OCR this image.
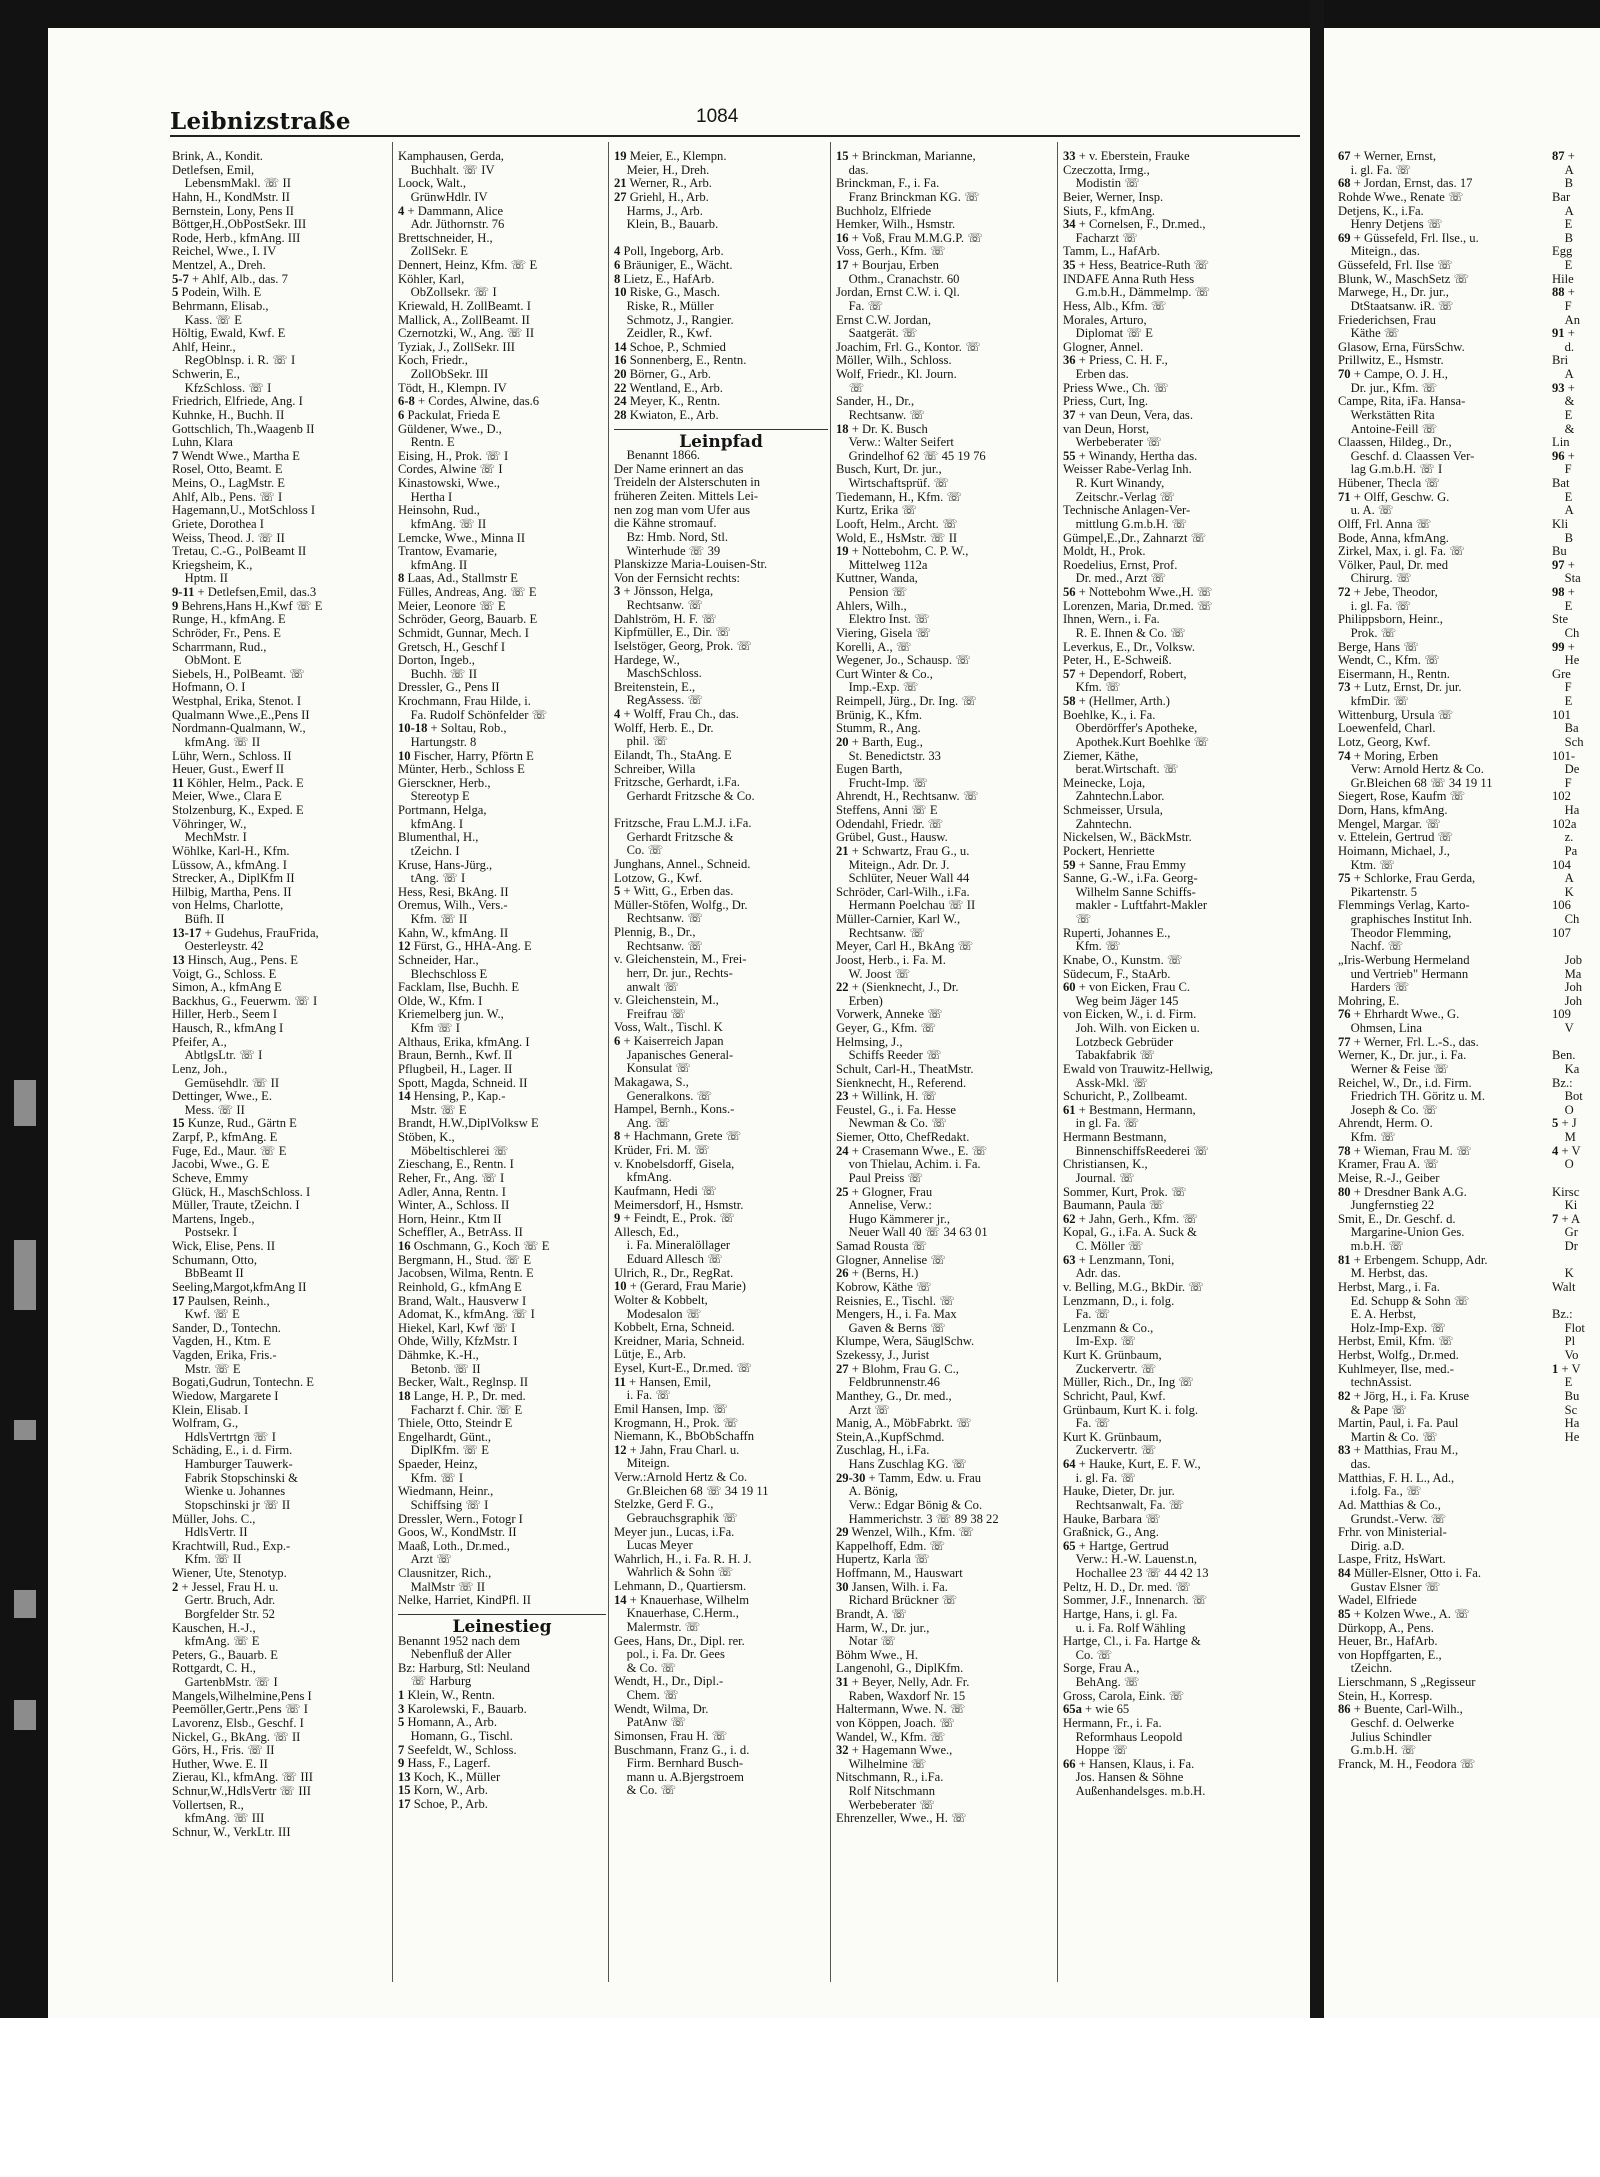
Leibnizstraße	1084
Brink, A., Kondit.
Detlefsen, Emil,
 LebensmMakl. ☏ II
Hahn, H., KondMstr. II
Bernstein, Lony, Pens II
Böttger,H.,ObPostSekr. III
Rode, Herb., kfmAng. III
Reichel, Wwe., I. IV
Mentzel, A., Dreh.
5-7 + Ahlf, Alb., das. 7
5 Podein, Wilh. E
Behrmann, Elisab.,
 Kass. ☏ E
Höltig, Ewald, Kwf. E
Ahlf, Heinr.,
 RegOblnsp. i. R. ☏ I
Schwerin, E.,
 KfzSchloss. ☏ I
Friedrich, Elfriede, Ang. I
Kuhnke, H., Buchh. II
Gottschlich, Th.,Waagenb II
Luhn, Klara
7 Wendt Wwe., Martha E
Rosel, Otto, Beamt. E
Meins, O., LagMstr. E
Ahlf, Alb., Pens. ☏ I
Hagemann,U., MotSchloss I
Griete, Dorothea I
Weiss, Theod. J. ☏ II
Tretau, C.-G., PolBeamt II
Kriegsheim, K.,
 Hptm. II
9-11 + Detlefsen,Emil, das.3
9 Behrens,Hans H.,Kwf ☏ E
Runge, H., kfmAng. E
Schröder, Fr., Pens. E
Scharrmann, Rud.,
 ObMont. E
Siebels, H., PolBeamt. ☏
Hofmann, O. I
Westphal, Erika, Stenot. I
Qualmann Wwe.,E.,Pens II
Nordmann-Qualmann, W.,
 kfmAng. ☏ II
Lühr, Wern., Schloss. II
Heuer, Gust., Ewerf II
11 Köhler, Helm., Pack. E
Meier, Wwe., Clara E
Stolzenburg, K., Exped. E
Vöhringer, W.,
 MechMstr. I
Wöhlke, Karl-H., Kfm.
Lüssow, A., kfmAng. I
Strecker, A., DiplKfm II
Hilbig, Martha, Pens. II
von Helms, Charlotte,
 Büfh. II
13-17 + Gudehus, FrauFrida,
 Oesterleystr. 42
13 Hinsch, Aug., Pens. E
Voigt, G., Schloss. E
Simon, A., kfmAng E
Backhus, G., Feuerwm. ☏ I
Hiller, Herb., Seem I
Hausch, R., kfmAng I
Pfeifer, A.,
 AbtlgsLtr. ☏ I
Lenz, Joh.,
 Gemüsehdlr. ☏ II
Dettinger, Wwe., E.
 Mess. ☏ II
15 Kunze, Rud., Gärtn E
Zarpf, P., kfmAng. E
Fuge, Ed., Maur. ☏ E
Jacobi, Wwe., G. E
Scheve, Emmy
Glück, H., MaschSchloss. I
Müller, Traute, tZeichn. I
Martens, Ingeb.,
 Postsekr. I
Wick, Elise, Pens. II
Schumann, Otto,
 BbBeamt II
Seeling,Margot,kfmAng II
17 Paulsen, Reinh.,
 Kwf. ☏ E
Sander, D., Tontechn.
Vagden, H., Ktm. E
Vagden, Erika, Fris.-
 Mstr. ☏ E
Bogati,Gudrun, Tontechn. E
Wiedow, Margarete I
Klein, Elisab. I
Wolfram, G.,
 HdlsVertrtgn ☏ I
Schäding, E., i. d. Firm.
 Hamburger Tauwerk-
 Fabrik Stopschinski &
 Wienke u. Johannes
 Stopschinski jr ☏ II
Müller, Johs. C.,
 HdlsVertr. II
Krachtwill, Rud., Exp.-
 Kfm. ☏ II
Wiener, Ute, Stenotyp.
2 + Jessel, Frau H. u.
 Gertr. Bruch, Adr.
 Borgfelder Str. 52
Kauschen, H.-J.,
 kfmAng. ☏ E
Peters, G., Bauarb. E
Rottgardt, C. H.,
 GartenbMstr. ☏ I
Mangels,Wilhelmine,Pens I
Peemöller,Gertr.,Pens ☏ I
Lavorenz, Elsb., Geschf. I
Nickel, G., BkAng. ☏ II
Görs, H., Fris. ☏ II
Huther, Wwe. E. II
Zierau, Kl., kfmAng. ☏ III
Schnur,W.,HdlsVertr ☏ III
Vollertsen, R.,
 kfmAng. ☏ III
Schnur, W., VerkLtr. III
Kamphausen, Gerda,
 Buchhalt. ☏ IV
Loock, Walt.,
 GrünwHdlr. IV
4 + Dammann, Alice
 Adr. Jüthornstr. 76
Brettschneider, H.,
 ZollSekr. E
Dennert, Heinz, Kfm. ☏ E
Köhler, Karl,
 ObZollsekr. ☏ I
Kriewald, H. ZollBeamt. I
Mallick, A., ZollBeamt. II
Czernotzki, W., Ang. ☏ II
Tyziak, J., ZollSekr. III
Koch, Friedr.,
 ZollObSekr. III
Tödt, H., Klempn. IV
6-8 + Cordes, Alwine, das.6
6 Packulat, Frieda E
Güldener, Wwe., D.,
 Rentn. E
Eising, H., Prok. ☏ I
Cordes, Alwine ☏ I
Kinastowski, Wwe.,
 Hertha I
Heinsohn, Rud.,
 kfmAng. ☏ II
Lemcke, Wwe., Minna II
Trantow, Evamarie,
 kfmAng. II
8 Laas, Ad., Stallmstr E
Fülles, Andreas, Ang. ☏ E
Meier, Leonore ☏ E
Schröder, Georg, Bauarb. E
Schmidt, Gunnar, Mech. I
Gretsch, H., Geschf I
Dorton, Ingeb.,
 Buchh. ☏ II
Dressler, G., Pens II
Krochmann, Frau Hilde, i.
 Fa. Rudolf Schönfelder ☏
10-18 + Soltau, Rob.,
 Hartungstr. 8
10 Fischer, Harry, Pförtn E
Münter, Herb., Schloss E
Giersckner, Herb.,
 Stereotyp E
Portmann, Helga,
 kfmAng. I
Blumenthal, H.,
 tZeichn. I
Kruse, Hans-Jürg.,
 tAng. ☏ I
Hess, Resi, BkAng. II
Oremus, Wilh., Vers.-
 Kfm. ☏ II
Kahn, W., kfmAng. II
12 Fürst, G., HHA-Ang. E
Schneider, Har.,
 Blechschloss E
Facklam, Ilse, Buchh. E
Olde, W., Kfm. I
Kriemelberg jun. W.,
 Kfm ☏ I
Althaus, Erika, kfmAng. I
Braun, Bernh., Kwf. II
Pflugbeil, H., Lager. II
Spott, Magda, Schneid. II
14 Hensing, P., Kap.-
 Mstr. ☏ E
Brandt, H.W.,DiplVolksw E
Stöben, K.,
 Möbeltischlerei ☏
Zieschang, E., Rentn. I
Reher, Fr., Ang. ☏ I
Adler, Anna, Rentn. I
Winter, A., Schloss. II
Horn, Heinr., Ktm II
Scheffler, A., BetrAss. II
16 Oschmann, G., Koch ☏ E
Bergmann, H., Stud. ☏ E
Jacobsen, Wilma, Rentn. E
Reinhold, G., kfmAng E
Brand, Walt., Hausverw I
Adomat, K., kfmAng. ☏ I
Hiekel, Karl, Kwf ☏ I
Ohde, Willy, KfzMstr. I
Dähmke, K.-H.,
 Betonb. ☏ II
Becker, Walt., Reglnsp. II
18 Lange, H. P., Dr. med.
 Facharzt f. Chir. ☏ E
Thiele, Otto, Steindr E
Engelhardt, Günt.,
 DiplKfm. ☏ E
Spaeder, Heinz,
 Kfm. ☏ I
Wiedmann, Heinr.,
 Schiffsing ☏ I
Dressler, Wern., Fotogr I
Goos, W., KondMstr. II
Maaß, Loth., Dr.med.,
 Arzt ☏
Clausnitzer, Rich.,
 MalMstr ☏ II
Nelke, Harriet, KindPfl. II
Leinestieg
Benannt 1952 nach dem
 Nebenfluß der Aller
Bz: Harburg, Stl: Neuland
 ☏ Harburg
1 Klein, W., Rentn.
3 Karolewski, F., Bauarb.
5 Homann, A., Arb.
 Homann, G., Tischl.
7 Seefeldt, W., Schloss.
9 Hass, F., Lagerf.
13 Koch, K., Müller
15 Korn, W., Arb.
17 Schoe, P., Arb.
19 Meier, E., Klempn.
 Meier, H., Dreh.
21 Werner, R., Arb.
27 Griehl, H., Arb.
 Harms, J., Arb.
 Klein, B., Bauarb.

4 Poll, Ingeborg, Arb.
6 Bräuniger, E., Wächt.
8 Lietz, E., HafArb.
10 Riske, G., Masch.
 Riske, R., Müller
 Schmotz, J., Rangier.
 Zeidler, R., Kwf.
14 Schoe, P., Schmied
16 Sonnenberg, E., Rentn.
20 Börner, G., Arb.
22 Wentland, E., Arb.
24 Meyer, K., Rentn.
28 Kwiaton, E., Arb.
Leinpfad
 Benannt 1866.
Der Name erinnert an das
Treideln der Alsterschuten in
früheren Zeiten. Mittels Lei-
nen zog man vom Ufer aus
die Kähne stromauf.
 Bz: Hmb. Nord, Stl.
 Winterhude ☏ 39
Planskizze Maria-Louisen-Str.
Von der Fernsicht rechts:
3 + Jönsson, Helga,
 Rechtsanw. ☏
Dahlström, H. F. ☏
Kipfmüller, E., Dir. ☏
Iselstöger, Georg, Prok. ☏
Hardege, W.,
 MaschSchloss.
Breitenstein, E.,
 RegAssess. ☏
4 + Wolff, Frau Ch., das.
Wolff, Herb. E., Dr.
 phil. ☏
Eilandt, Th., StaAng. E
Schreiber, Willa
Fritzsche, Gerhardt, i.Fa.
 Gerhardt Fritzsche & Co.

Fritzsche, Frau L.M.J. i.Fa.
 Gerhardt Fritzsche &
 Co. ☏
Junghans, Annel., Schneid.
Lotzow, G., Kwf.
5 + Witt, G., Erben das.
Müller-Stöfen, Wolfg., Dr.
 Rechtsanw. ☏
Plennig, B., Dr.,
 Rechtsanw. ☏
v. Gleichenstein, M., Frei-
 herr, Dr. jur., Rechts-
 anwalt ☏
v. Gleichenstein, M.,
 Freifrau ☏
Voss, Walt., Tischl. K
6 + Kaiserreich Japan
 Japanisches General-
 Konsulat ☏
Makagawa, S.,
 Generalkons. ☏
Hampel, Bernh., Kons.-
 Ang. ☏
8 + Hachmann, Grete ☏
Krüder, Fri. M. ☏
v. Knobelsdorff, Gisela,
 kfmAng.
Kaufmann, Hedi ☏
Meimersdorf, H., Hsmstr.
9 + Feindt, E., Prok. ☏
Allesch, Ed.,
 i. Fa. Mineralöllager
 Eduard Allesch ☏
Ulrich, R., Dr., RegRat.
10 + (Gerard, Frau Marie)
Wolter & Kobbelt,
 Modesalon ☏
Kobbelt, Erna, Schneid.
Kreidner, Maria, Schneid.
Lütje, E., Arb.
Eysel, Kurt-E., Dr.med. ☏
11 + Hansen, Emil,
 i. Fa. ☏
Emil Hansen, Imp. ☏
Krogmann, H., Prok. ☏
Niemann, K., BbObSchaffn
12 + Jahn, Frau Charl. u.
 Miteign.
Verw.:Arnold Hertz & Co.
 Gr.Bleichen 68 ☏ 34 19 11
Stelzke, Gerd F. G.,
 Gebrauchsgraphik ☏
Meyer jun., Lucas, i.Fa.
 Lucas Meyer
Wahrlich, H., i. Fa. R. H. J.
 Wahrlich & Sohn ☏
Lehmann, D., Quartiersm.
14 + Knauerhase, Wilhelm
 Knauerhase, C.Herm.,
 Malermstr. ☏
Gees, Hans, Dr., Dipl. rer.
 pol., i. Fa. Dr. Gees
 & Co. ☏
Wendt, H., Dr., Dipl.-
 Chem. ☏
Wendt, Wilma, Dr.
 PatAnw ☏
Simonsen, Frau H. ☏
Buschmann, Franz G., i. d.
 Firm. Bernhard Busch-
 mann u. A.Bjergstroem
 & Co. ☏
15 + Brinckman, Marianne,
 das.
Brinckman, F., i. Fa.
 Franz Brinckman KG. ☏
Buchholz, Elfriede
Hemker, Wilh., Hsmstr.
16 + Voß, Frau M.M.G.P. ☏
Voss, Gerh., Kfm. ☏
17 + Bourjau, Erben
 Othm., Cranachstr. 60
Jordan, Ernst C.W. i. Ql.
 Fa. ☏
Ernst C.W. Jordan,
 Saatgerät. ☏
Joachim, Frl. G., Kontor. ☏
Möller, Wilh., Schloss.
Wolf, Friedr., Kl. Journ.
 ☏
Sander, H., Dr.,
 Rechtsanw. ☏
18 + Dr. K. Busch
 Verw.: Walter Seifert
 Grindelhof 62 ☏ 45 19 76
Busch, Kurt, Dr. jur.,
 Wirtschaftsprüf. ☏
Tiedemann, H., Kfm. ☏
Kurtz, Erika ☏
Looft, Helm., Archt. ☏
Wold, E., HsMstr. ☏ II
19 + Nottebohm, C. P. W.,
 Mittelweg 112a
Kuttner, Wanda,
 Pension ☏
Ahlers, Wilh.,
 Elektro Inst. ☏
Viering, Gisela ☏
Korelli, A., ☏
Wegener, Jo., Schausp. ☏
Curt Winter & Co.,
 Imp.-Exp. ☏
Reimpell, Jürg., Dr. Ing. ☏
Brünig, K., Kfm.
Stumm, R., Ang.
20 + Barth, Eug.,
 St. Benedictstr. 33
Eugen Barth,
 Frucht-Imp. ☏
Ahrendt, H., Rechtsanw. ☏
Steffens, Anni ☏ E
Odendahl, Friedr. ☏
Grübel, Gust., Hausw.
21 + Schwartz, Frau G., u.
 Miteign., Adr. Dr. J.
 Schlüter, Neuer Wall 44
Schröder, Carl-Wilh., i.Fa.
 Hermann Poelchau ☏ II
Müller-Carnier, Karl W.,
 Rechtsanw. ☏
Meyer, Carl H., BkAng ☏
Joost, Herb., i. Fa. M.
 W. Joost ☏
22 + (Sienknecht, J., Dr.
 Erben)
Vorwerk, Anneke ☏
Geyer, G., Kfm. ☏
Helmsing, J.,
 Schiffs Reeder ☏
Schult, Carl-H., TheatMstr.
Sienknecht, H., Referend.
23 + Willink, H. ☏
Feustel, G., i. Fa. Hesse
 Newman & Co. ☏
Siemer, Otto, ChefRedakt.
24 + Crasemann Wwe., E. ☏
 von Thielau, Achim. i. Fa.
 Paul Preiss ☏
25 + Glogner, Frau
 Annelise, Verw.:
 Hugo Kämmerer jr.,
 Neuer Wall 40 ☏ 34 63 01
Samad Rousta ☏
Glogner, Annelise ☏
26 + (Berns, H.)
Kobrow, Käthe ☏
Reisnies, E., Tischl. ☏
Mengers, H., i. Fa. Max
 Gaven & Berns ☏
Klumpe, Wera, SäuglSchw.
Szekessy, J., Jurist
27 + Blohm, Frau G. C.,
 Feldbrunnenstr.46
Manthey, G., Dr. med.,
 Arzt ☏
Manig, A., MöbFabrkt. ☏
Stein,A.,KupfSchmd.
Zuschlag, H., i.Fa.
 Hans Zuschlag KG. ☏
29-30 + Tamm, Edw. u. Frau
 A. Bönig,
 Verw.: Edgar Bönig & Co.
 Hammerichstr. 3 ☏ 89 38 22
29 Wenzel, Wilh., Kfm. ☏
Kappelhoff, Edm. ☏
Hupertz, Karla ☏
Hoffmann, M., Hauswart
30 Jansen, Wilh. i. Fa.
 Richard Brückner ☏
Brandt, A. ☏
Harm, W., Dr. jur.,
 Notar ☏
Böhm Wwe., H.
Langenohl, G., DiplKfm.
31 + Beyer, Nelly, Adr. Fr.
 Raben, Waxdorf Nr. 15
Haltermann, Wwe. N. ☏
von Köppen, Joach. ☏
Wandel, W., Kfm. ☏
32 + Hagemann Wwe.,
 Wilhelmine ☏
Nitschmann, R., i.Fa.
 Rolf Nitschmann
 Werbeberater ☏
Ehrenzeller, Wwe., H. ☏
33 + v. Eberstein, Frauke
Czeczotta, Irmg.,
 Modistin ☏
Beier, Werner, Insp.
Siuts, F., kfmAng.
34 + Cornelsen, F., Dr.med.,
 Facharzt ☏
Tamm, L., HafArb.
35 + Hess, Beatrice-Ruth ☏
INDAFE Anna Ruth Hess
 G.m.b.H., Dämmelmp. ☏
Hess, Alb., Kfm. ☏
Morales, Arturo,
 Diplomat ☏ E
Glogner, Annel.
36 + Priess, C. H. F.,
 Erben das.
Priess Wwe., Ch. ☏
Priess, Curt, Ing.
37 + van Deun, Vera, das.
van Deun, Horst,
 Werbeberater ☏
55 + Winandy, Hertha das.
Weisser Rabe-Verlag Inh.
 R. Kurt Winandy,
 Zeitschr.-Verlag ☏
Technische Anlagen-Ver-
 mittlung G.m.b.H. ☏
Gümpel,E.,Dr., Zahnarzt ☏
Moldt, H., Prok.
Roedelius, Ernst, Prof.
 Dr. med., Arzt ☏
56 + Nottebohm Wwe.,H. ☏
Lorenzen, Maria, Dr.med. ☏
Ihnen, Wern., i. Fa.
 R. E. Ihnen & Co. ☏
Leverkus, E., Dr., Volksw.
Peter, H., E-Schweiß.
57 + Dependorf, Robert,
 Kfm. ☏
58 + (Hellmer, Arth.)
Boehlke, K., i. Fa.
 Oberdörffer's Apotheke,
 Apothek.Kurt Boehlke ☏
Ziemer, Käthe,
 berat.Wirtschaft. ☏
Meinecke, Loja,
 Zahntechn.Labor.
Schmeisser, Ursula,
 Zahntechn.
Nickelsen, W., BäckMstr.
Pockert, Henriette
59 + Sanne, Frau Emmy
Sanne, G.-W., i.Fa. Georg-
 Wilhelm Sanne Schiffs-
 makler - Luftfahrt-Makler
 ☏
Ruperti, Johannes E.,
 Kfm. ☏
Knabe, O., Kunstm. ☏
Südecum, F., StaArb.
60 + von Eicken, Frau C.
 Weg beim Jäger 145
von Eicken, W., i. d. Firm.
 Joh. Wilh. von Eicken u.
 Lotzbeck Gebrüder
 Tabakfabrik ☏
Ewald von Trauwitz-Hellwig,
 Assk-Mkl. ☏
Schuricht, P., Zollbeamt.
61 + Bestmann, Hermann,
 in gl. Fa. ☏
Hermann Bestmann,
 BinnenschiffsReederei ☏
Christiansen, K.,
 Journal. ☏
Sommer, Kurt, Prok. ☏
Baumann, Paula ☏
62 + Jahn, Gerh., Kfm. ☏
Kopal, G., i.Fa. A. Suck &
 C. Möller ☏
63 + Lenzmann, Toni,
 Adr. das.
v. Belling, M.G., BkDir. ☏
Lenzmann, D., i. folg.
 Fa. ☏
Lenzmann & Co.,
 Im-Exp. ☏
Kurt K. Grünbaum,
 Zuckervertr. ☏
Müller, Rich., Dr., Ing ☏
Schricht, Paul, Kwf.
Grünbaum, Kurt K. i. folg.
 Fa. ☏
Kurt K. Grünbaum,
 Zuckervertr. ☏
64 + Hauke, Kurt, E. F. W.,
 i. gl. Fa. ☏
Hauke, Dieter, Dr. jur.
 Rechtsanwalt, Fa. ☏
Hauke, Barbara ☏
Graßnick, G., Ang.
65 + Hartge, Gertrud
 Verw.: H.-W. Lauenst.n,
 Hochallee 23 ☏ 44 42 13
Peltz, H. D., Dr. med. ☏
Sommer, J.F., Innenarch. ☏
Hartge, Hans, i. gl. Fa.
 u. i. Fa. Rolf Wähling
Hartge, Cl., i. Fa. Hartge &
 Co. ☏
Sorge, Frau A.,
 BehAng. ☏
Gross, Carola, Eink. ☏
65a + wie 65
Hermann, Fr., i. Fa.
 Reformhaus Leopold
 Hoppe ☏
66 + Hansen, Klaus, i. Fa.
 Jos. Hansen & Söhne
 Außenhandelsges. m.b.H.
67 + Werner, Ernst,
 i. gl. Fa. ☏
68 + Jordan, Ernst, das. 17
Rohde Wwe., Renate ☏
Detjens, K., i.Fa.
 Henry Detjens ☏
69 + Güssefeld, Frl. Ilse., u.
 Miteign., das.
Güssefeld, Frl. Ilse ☏
Blunk, W., MaschSetz ☏
Marwege, H., Dr. jur.,
 DtStaatsanw. iR. ☏
Friederichsen, Frau
 Käthe ☏
Glasow, Erna, FürsSchw.
Prillwitz, E., Hsmstr.
70 + Campe, O. J. H.,
 Dr. jur., Kfm. ☏
Campe, Rita, iFa. Hansa-
 Werkstätten Rita
 Antoine-Feill ☏
Claassen, Hildeg., Dr.,
 Geschf. d. Claassen Ver-
 lag G.m.b.H. ☏ I
Hübener, Thecla ☏
71 + Olff, Geschw. G.
 u. A. ☏
Olff, Frl. Anna ☏
Bode, Anna, kfmAng.
Zirkel, Max, i. gl. Fa. ☏
Völker, Paul, Dr. med
 Chirurg. ☏
72 + Jebe, Theodor,
 i. gl. Fa. ☏
Philippsborn, Heinr.,
 Prok. ☏
Berge, Hans ☏
Wendt, C., Kfm. ☏
Eisermann, H., Rentn.
73 + Lutz, Ernst, Dr. jur.
 kfmDir. ☏
Wittenburg, Ursula ☏
Loewenfeld, Charl.
Lotz, Georg, Kwf.
74 + Moring, Erben
 Verw: Arnold Hertz & Co.
 Gr.Bleichen 68 ☏ 34 19 11
Siegert, Rose, Kaufm ☏
Dorn, Hans, kfmAng.
Mengel, Margar. ☏
v. Ettelein, Gertrud ☏
Hoimann, Michael, J.,
 Ktm. ☏
75 + Schlorke, Frau Gerda,
 Pikartenstr. 5
Flemmings Verlag, Karto-
 graphisches Institut Inh.
 Theodor Flemming,
 Nachf. ☏
„Iris-Werbung Hermeland
 und Vertrieb" Hermann
 Harders ☏
Mohring, E.
76 + Ehrhardt Wwe., G.
 Ohmsen, Lina
77 + Werner, Frl. L.-S., das.
Werner, K., Dr. jur., i. Fa.
 Werner & Feise ☏
Reichel, W., Dr., i.d. Firm.
 Friedrich TH. Göritz u. M.
 Joseph & Co. ☏
Ahrendt, Herm. O.
 Kfm. ☏
78 + Wieman, Frau M. ☏
Kramer, Frau A. ☏
Meise, R.-J., Geiber
80 + Dresdner Bank A.G.
 Jungfernstieg 22
Smit, E., Dr. Geschf. d.
 Margarine-Union Ges.
 m.b.H. ☏
81 + Erbengem. Schupp, Adr.
 M. Herbst, das.
Herbst, Marg., i. Fa.
 Ed. Schupp & Sohn ☏
 E. A. Herbst,
 Holz-Imp-Exp. ☏
Herbst, Emil, Kfm. ☏
Herbst, Wolfg., Dr.med.
Kuhlmeyer, Ilse, med.-
 technAssist.
82 + Jörg, H., i. Fa. Kruse
 & Pape ☏
Martin, Paul, i. Fa. Paul
 Martin & Co. ☏
83 + Matthias, Frau M.,
 das.
Matthias, F. H. L., Ad.,
 i.folg. Fa., ☏
Ad. Matthias & Co.,
 Grundst.-Verw. ☏
Frhr. von Ministerial-
 Dirig. a.D.
Laspe, Fritz, HsWart.
84 Müller-Elsner, Otto i. Fa.
 Gustav Elsner ☏
Wadel, Elfriede
85 + Kolzen Wwe., A. ☏
Dürkopp, A., Pens.
Heuer, Br., HafArb.
von Hopffgarten, E.,
 tZeichn.
Lierschmann, S „Regisseur
Stein, H., Korresp.
86 + Buente, Carl-Wilh.,
 Geschf. d. Oelwerke
 Julius Schindler
 G.m.b.H. ☏
Franck, M. H., Feodora ☏
87 +
 A
 B
Bar
 A
 E
 B
Egg
 E
Hile
88 +
 F
 An
91 +
 d.
Bri
 A
93 +
 &
 E
 &
Lin
96 +
 F
Bat
 E
 A
Kli
 B
Bu
97 +
 Sta
98 +
 E
Ste
 Ch
99 +
 He
Gre
 F
 E
101
 Ba
 Sch
101-
 De
 F
102
 Ha
102a
 z.
 Pa
104
 A
 K
106
 Ch
107

 Job
 Ma
 Joh
 Joh
109
 V

Ben.
 Ka
Bz.:
 Bot
 O
5 + J
 M
4 + V
 O

Kirsc
 Ki
7 + A
 Gr
 Dr

 K
Walt

Bz.:
 Flot
 Pl
 Vo
1 + V
 E
 Bu
 Sc
 Ha
 He
